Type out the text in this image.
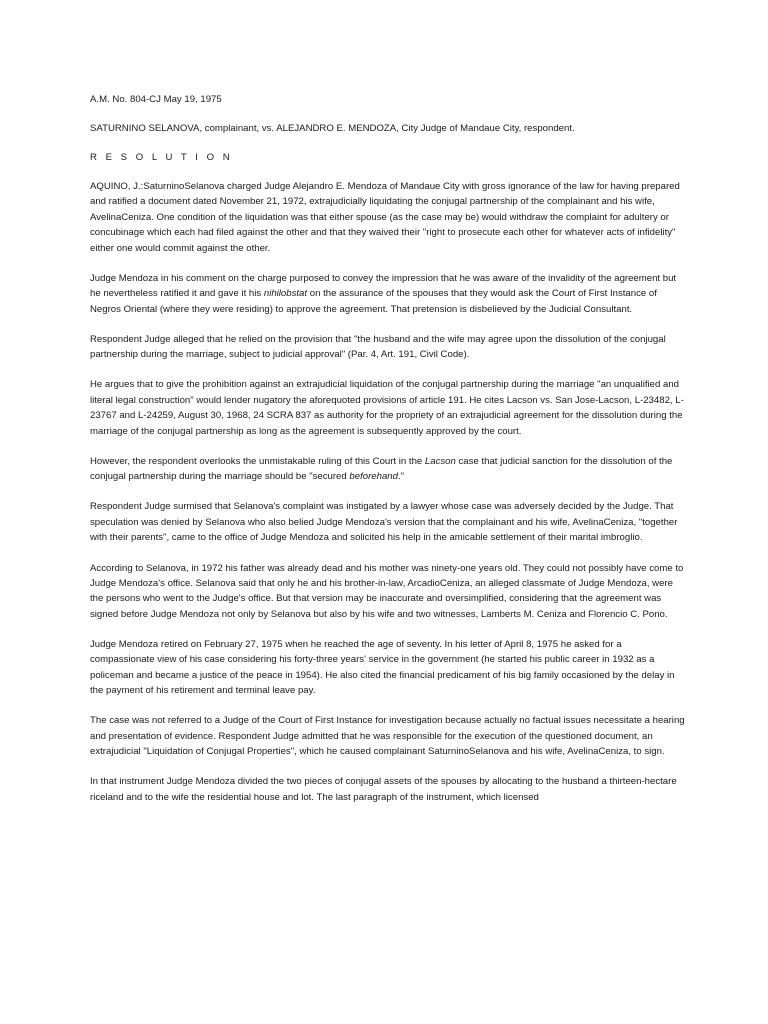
A.M. No. 804-CJ May 19, 1975
SATURNINO SELANOVA, complainant, vs. ALEJANDRO E. MENDOZA, City Judge of Mandaue City, respondent.
R E S O L U T I O N

AQUINO, J.:SaturninoSelanova charged Judge Alejandro E. Mendoza of Mandaue City with gross ignorance of the law for having prepared and ratified a document dated November 21, 1972, extrajudicially liquidating the conjugal partnership of the complainant and his wife, AvelinaCeniza. One condition of the liquidation was that either spouse (as the case may be) would withdraw the complaint for adultery or concubinage which each had filed against the other and that they waived their "right to prosecute each other for whatever acts of infidelity" either one would commit against the other.

Judge Mendoza in his comment on the charge purposed to convey the impression that he was aware of the invalidity of the agreement but he nevertheless ratified it and gave it his nihilobstat on the assurance of the spouses that they would ask the Court of First Instance of Negros Oriental (where they were residing) to approve the agreement. That pretension is disbelieved by the Judicial Consultant.

Respondent Judge alleged that he relied on the provision that "the husband and the wife may agree upon the dissolution of the conjugal partnership during the marriage, subject to judicial approval" (Par. 4, Art. 191, Civil Code).

He argues that to give the prohibition against an extrajudicial liquidation of the conjugal partnership during the marriage "an unqualified and literal legal construction" would lender nugatory the aforequoted provisions of article 191. He cites Lacson vs. San Jose-Lacson, L-23482, L-23767 and L-24259, August 30, 1968, 24 SCRA 837 as authority for the propriety of an extrajudicial agreement for the dissolution during the marriage of the conjugal partnership as long as the agreement is subsequently approved by the court.

However, the respondent overlooks the unmistakable ruling of this Court in the Lacson case that judicial sanction for the dissolution of the conjugal partnership during the marriage should be "secured beforehand."

Respondent Judge surmised that Selanova's complaint was instigated by a lawyer whose case was adversely decided by the Judge. That speculation was denied by Selanova who also belied Judge Mendoza's version that the complainant and his wife, AvelinaCeniza, "together with their parents", came to the office of Judge Mendoza and solicited his help in the amicable settlement of their marital imbroglio.

According to Selanova, in 1972 his father was already dead and his mother was ninety-one years old. They could not possibly have come to Judge Mendoza's office. Selanova said that only he and his brother-in-law, ArcadioCeniza, an alleged classmate of Judge Mendoza, were the persons who went to the Judge's office. But that version may be inaccurate and oversimplified, considering that the agreement was signed before Judge Mendoza not only by Selanova but also by his wife and two witnesses, Lamberts M. Ceniza and Florencio C. Pono.

Judge Mendoza retired on February 27, 1975 when he reached the age of seventy. In his letter of April 8, 1975 he asked for a compassionate view of his case considering his forty-three years' service in the government (he started his public career in 1932 as a policeman and became a justice of the peace in 1954). He also cited the financial predicament of his big family occasioned by the delay in the payment of his retirement and terminal leave pay.

The case was not referred to a Judge of the Court of First Instance for investigation because actually no factual issues necessitate a hearing and presentation of evidence. Respondent Judge admitted that he was responsible for the execution of the questioned document, an extrajudicial "Liquidation of Conjugal Properties", which he caused complainant SaturninoSelanova and his wife, AvelinaCeniza, to sign.

In that instrument Judge Mendoza divided the two pieces of conjugal assets of the spouses by allocating to the husband a thirteen-hectare riceland and to the wife the residential house and lot. The last paragraph of the instrument, which licensed
